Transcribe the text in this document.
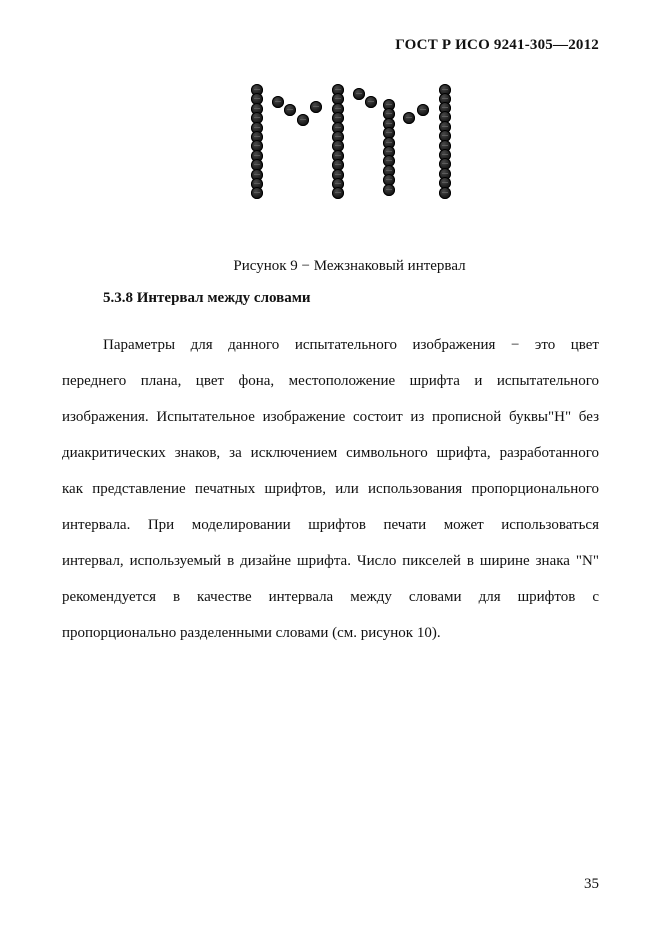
ГОСТ Р ИСО 9241-305—2012
Рисунок 9 − Межзнаковый интервал
5.3.8 Интервал между словами
Параметры для данного испытательного изображения − это цвет
переднего плана, цвет фона, местоположение шрифта и испытательного
изображения. Испытательное изображение состоит из прописной буквы"H" без
диакритических знаков, за исключением символьного шрифта, разработанного
как представление печатных шрифтов, или использования пропорционального
интервала. При моделировании шрифтов печати может использоваться
интервал, используемый в дизайне шрифта. Число пикселей в ширине знака "N"
рекомендуется в качестве интервала между словами для шрифтов с
пропорционально разделенными словами (см. рисунок 10).
35
